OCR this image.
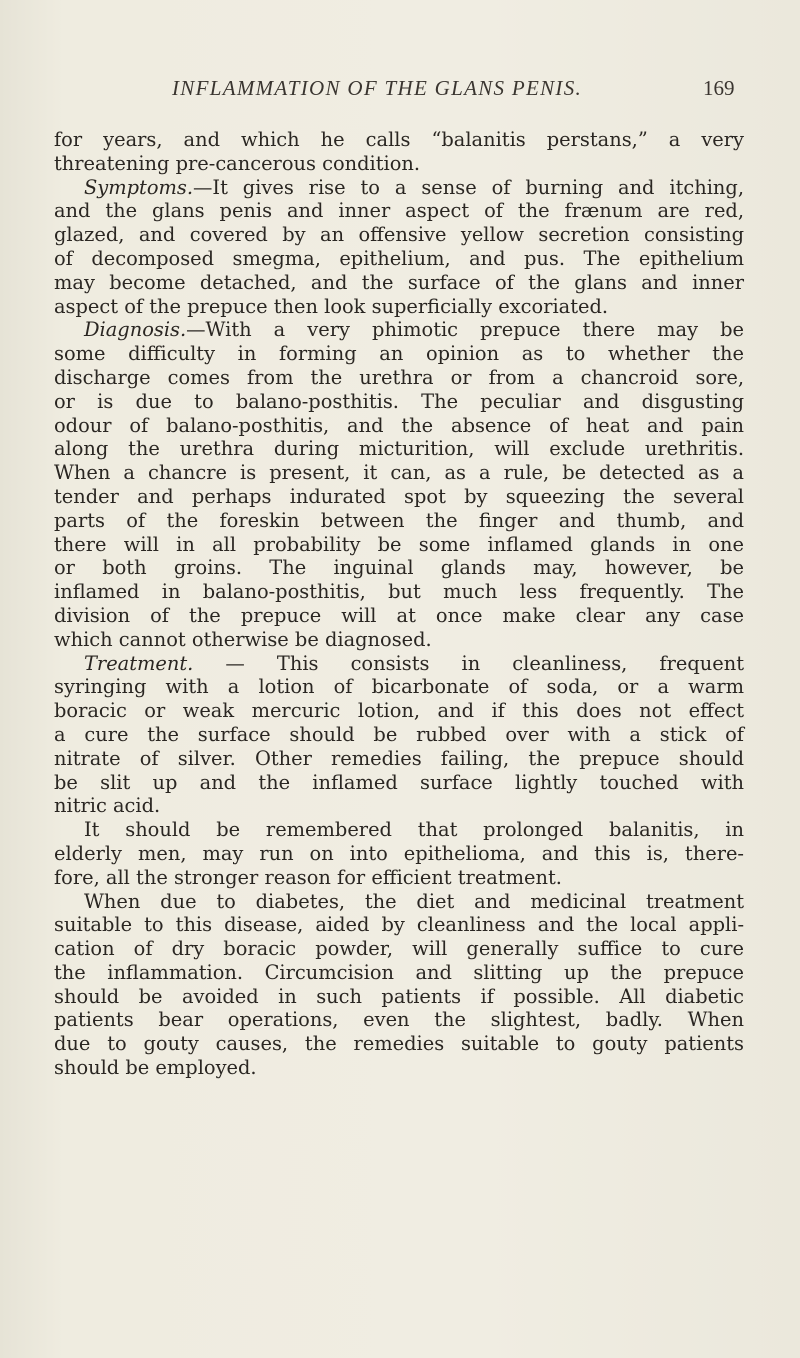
INFLAMMATION OF THE GLANS PENIS.	169
for years, and which he calls “balanitis perstans,” a very
threatening pre-cancerous condition.
Symptoms.—It gives rise to a sense of burning and itching,
and the glans penis and inner aspect of the frænum are red,
glazed, and covered by an offensive yellow secretion consisting
of decomposed smegma, epithelium, and pus. The epithelium
may become detached, and the surface of the glans and inner
aspect of the prepuce then look superficially excoriated.
Diagnosis.—With a very phimotic prepuce there may be
some difficulty in forming an opinion as to whether the
discharge comes from the urethra or from a chancroid sore,
or is due to balano-posthitis. The peculiar and disgusting
odour of balano-posthitis, and the absence of heat and pain
along the urethra during micturition, will exclude urethritis.
When a chancre is present, it can, as a rule, be detected as a
tender and perhaps indurated spot by squeezing the several
parts of the foreskin between the finger and thumb, and
there will in all probability be some inflamed glands in one
or both groins. The inguinal glands may, however, be
inflamed in balano-posthitis, but much less frequently. The
division of the prepuce will at once make clear any case
which cannot otherwise be diagnosed.
Treatment. — This consists in cleanliness, frequent
syringing with a lotion of bicarbonate of soda, or a warm
boracic or weak mercuric lotion, and if this does not effect
a cure the surface should be rubbed over with a stick of
nitrate of silver. Other remedies failing, the prepuce should
be slit up and the inflamed surface lightly touched with
nitric acid.
It should be remembered that prolonged balanitis, in
elderly men, may run on into epithelioma, and this is, there-
fore, all the stronger reason for efficient treatment.
When due to diabetes, the diet and medicinal treatment
suitable to this disease, aided by cleanliness and the local appli-
cation of dry boracic powder, will generally suffice to cure
the inflammation. Circumcision and slitting up the prepuce
should be avoided in such patients if possible. All diabetic
patients bear operations, even the slightest, badly. When
due to gouty causes, the remedies suitable to gouty patients
should be employed.
